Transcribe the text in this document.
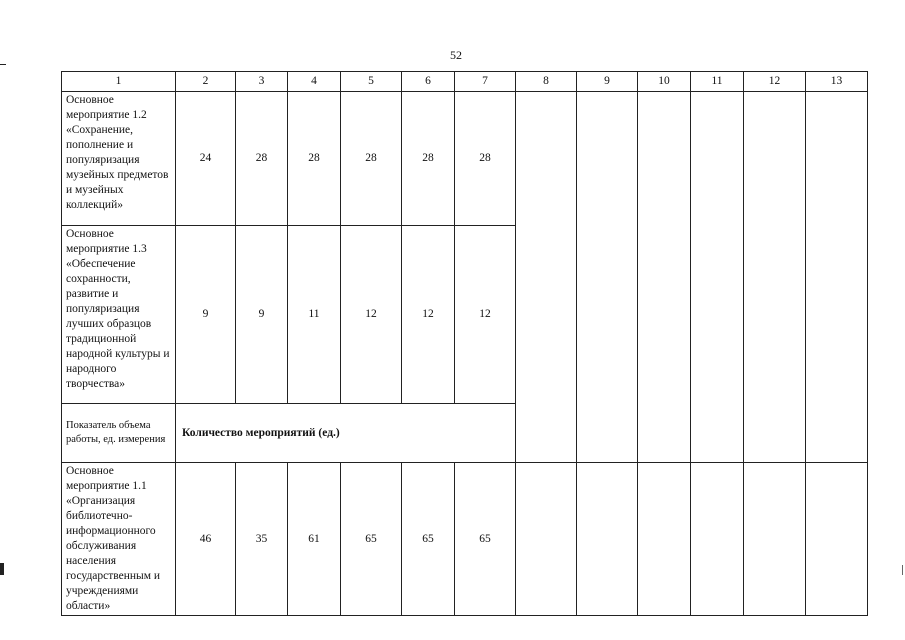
52
1	2	3	4	5	6	7	8	9	10	11	12	13
Основное мероприятие 1.2 «Сохранение, пополнение и популяризация музейных предметов и музейных коллекций»	24	28	28	28	28	28						
Основное мероприятие 1.3 «Обеспечение сохранности, развитие и популяризация лучших образцов традиционной народной культуры и народного творчества»	9	9	11	12	12	12						
Показатель объема работы, ед. измерения	Количество мероприятий (ед.)											
Основное мероприятие 1.1 «Организация библиотечно-информационного обслуживания населения государственным и учреждениями области»	46	35	61	65	65	65						
